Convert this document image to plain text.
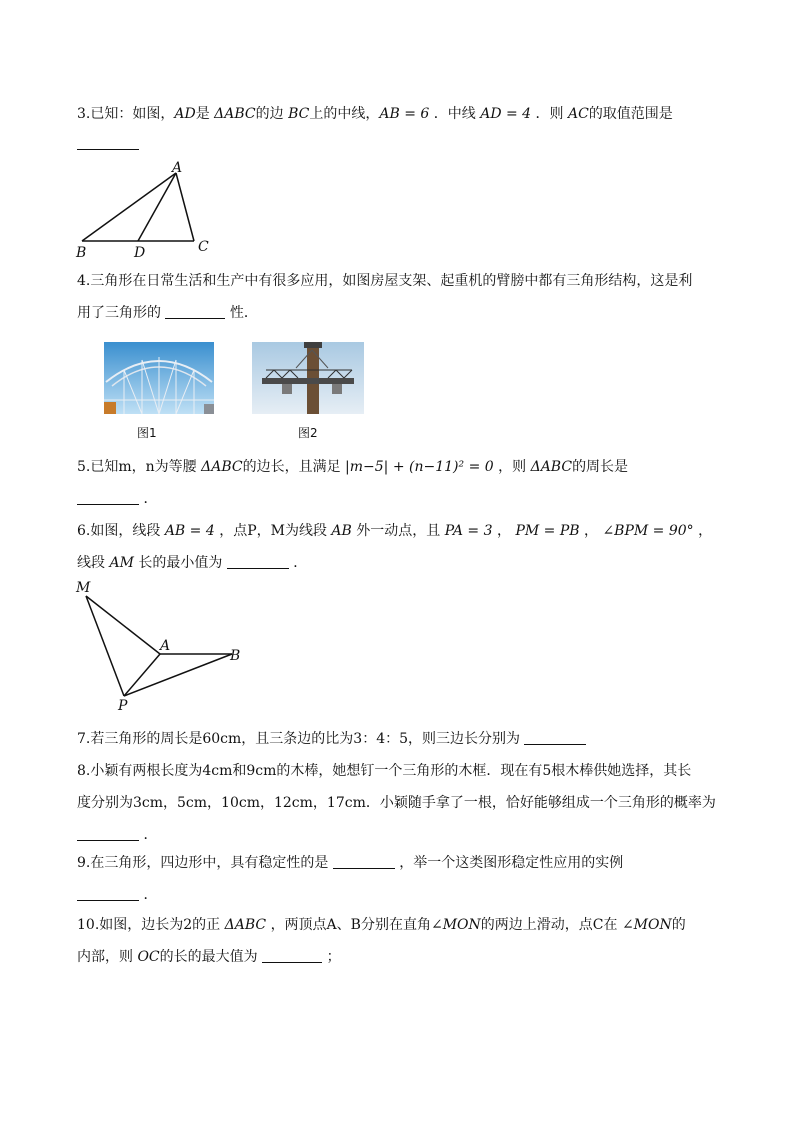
3.已知：如图，AD是 ΔABC的边 BC上的中线，AB = 6 ．中线 AD = 4 ．则 AC的取值范围是
A
B	D	C
4.三角形在日常生活和生产中有很多应用，如图房屋支架、起重机的臂膀中都有三角形结构，这是利
用了三角形的	性．
图1	图2
5.已知m，n为等腰 ΔABC的边长，且满足 |m−5| + (n−11)² = 0 ，则 ΔABC的周长是
．
6.如图，线段 AB = 4 ，点P，M为线段 AB 外一动点，且 PA = 3 ， PM = PB ， ∠BPM = 90° ，
线段 AM 长的最小值为	．
M
A
B
P
7.若三角形的周长是60cm，且三条边的比为3：4：5，则三边长分别为
8.小颖有两根长度为4cm和9cm的木棒，她想钉一个三角形的木框．现在有5根木棒供她选择，其长
度分别为3cm，5cm，10cm，12cm，17cm．小颖随手拿了一根，恰好能够组成一个三角形的概率为
．
9.在三角形，四边形中，具有稳定性的是	，举一个这类图形稳定性应用的实例
．
10.如图，边长为2的正 ΔABC ，两顶点A、B分别在直角∠MON的两边上滑动，点C在 ∠MON的
内部，则 OC的长的最大值为	；
